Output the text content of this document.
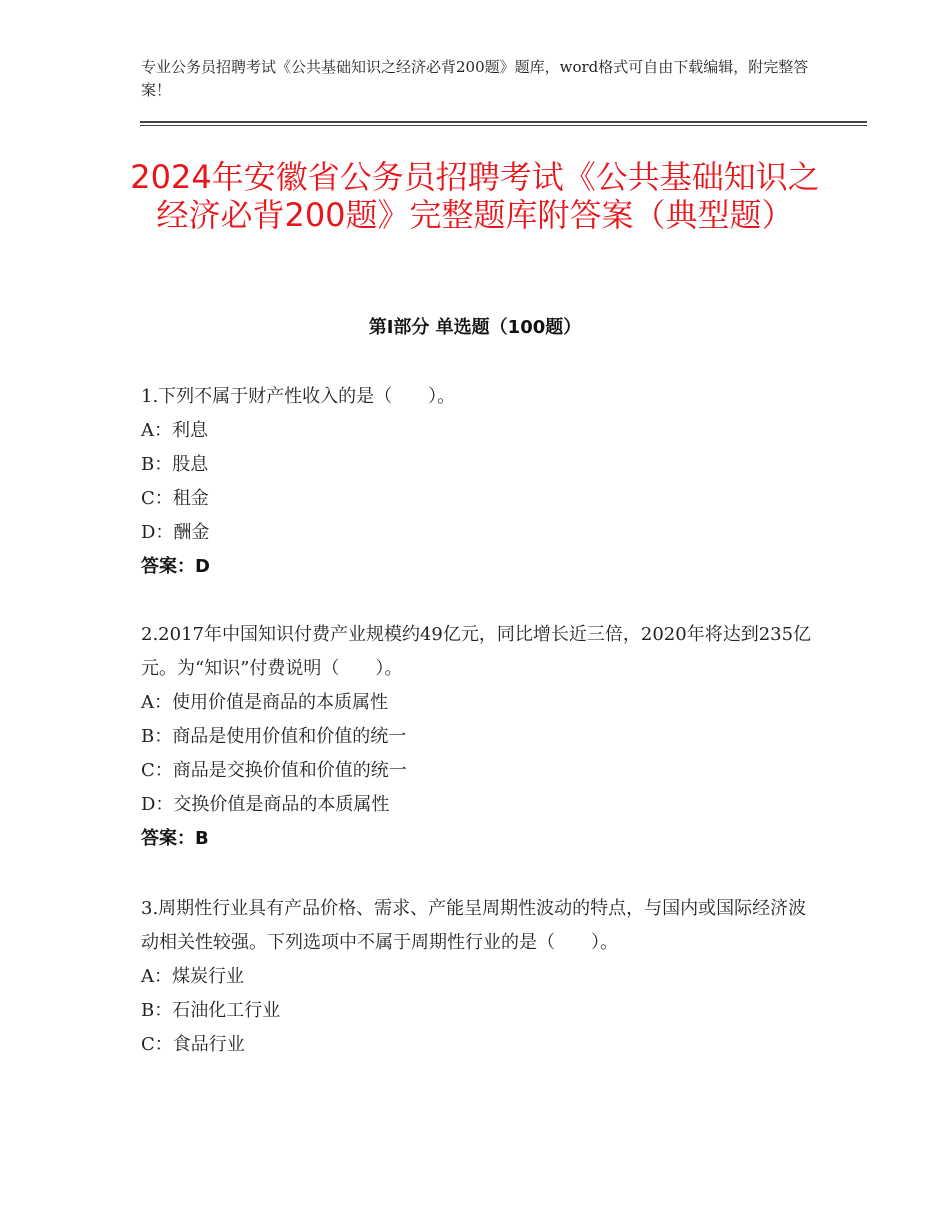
专业公务员招聘考试《公共基础知识之经济必背200题》题库，word格式可自由下载编辑，附完整答案！
2024年安徽省公务员招聘考试《公共基础知识之经济必背200题》完整题库附答案（典型题）
第I部分 单选题（100题）

1.下列不属于财产性收入的是（　　）。

A：利息

B：股息

C：租金

D：酬金

答案：D

2.2017年中国知识付费产业规模约49亿元，同比增长近三倍，2020年将达到235亿元。为“知识”付费说明（　　）。

A：使用价值是商品的本质属性

B：商品是使用价值和价值的统一

C：商品是交换价值和价值的统一

D：交换价值是商品的本质属性

答案：B

3.周期性行业具有产品价格、需求、产能呈周期性波动的特点，与国内或国际经济波动相关性较强。下列选项中不属于周期性行业的是（　　）。

A：煤炭行业

B：石油化工行业

C：食品行业
